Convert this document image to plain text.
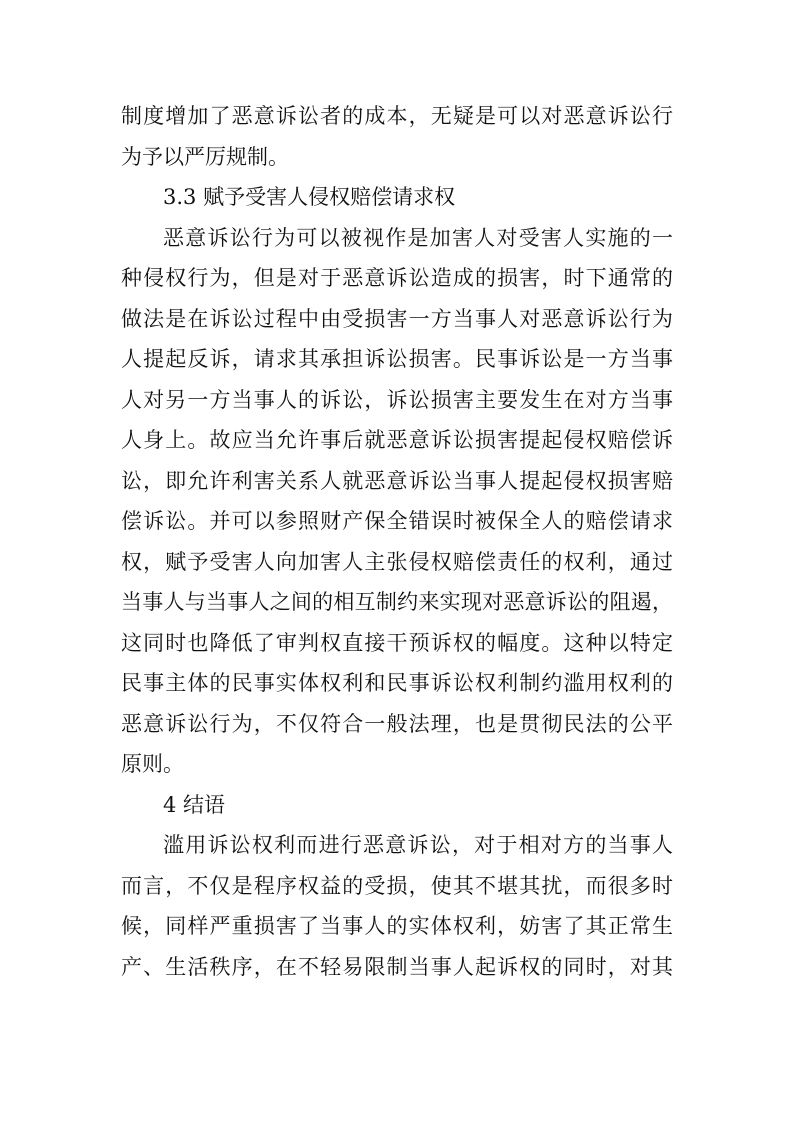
制度增加了恶意诉讼者的成本，无疑是可以对恶意诉讼行
为予以严厉规制。
3.3 赋予受害人侵权赔偿请求权
恶意诉讼行为可以被视作是加害人对受害人实施的一
种侵权行为，但是对于恶意诉讼造成的损害，时下通常的
做法是在诉讼过程中由受损害一方当事人对恶意诉讼行为
人提起反诉，请求其承担诉讼损害。民事诉讼是一方当事
人对另一方当事人的诉讼，诉讼损害主要发生在对方当事
人身上。故应当允许事后就恶意诉讼损害提起侵权赔偿诉
讼，即允许利害关系人就恶意诉讼当事人提起侵权损害赔
偿诉讼。并可以参照财产保全错误时被保全人的赔偿请求
权，赋予受害人向加害人主张侵权赔偿责任的权利，通过
当事人与当事人之间的相互制约来实现对恶意诉讼的阻遏，
这同时也降低了审判权直接干预诉权的幅度。这种以特定
民事主体的民事实体权利和民事诉讼权利制约滥用权利的
恶意诉讼行为，不仅符合一般法理，也是贯彻民法的公平
原则。
4 结语
滥用诉讼权利而进行恶意诉讼，对于相对方的当事人
而言，不仅是程序权益的受损，使其不堪其扰，而很多时
候，同样严重损害了当事人的实体权利，妨害了其正常生
产、生活秩序，在不轻易限制当事人起诉权的同时，对其
